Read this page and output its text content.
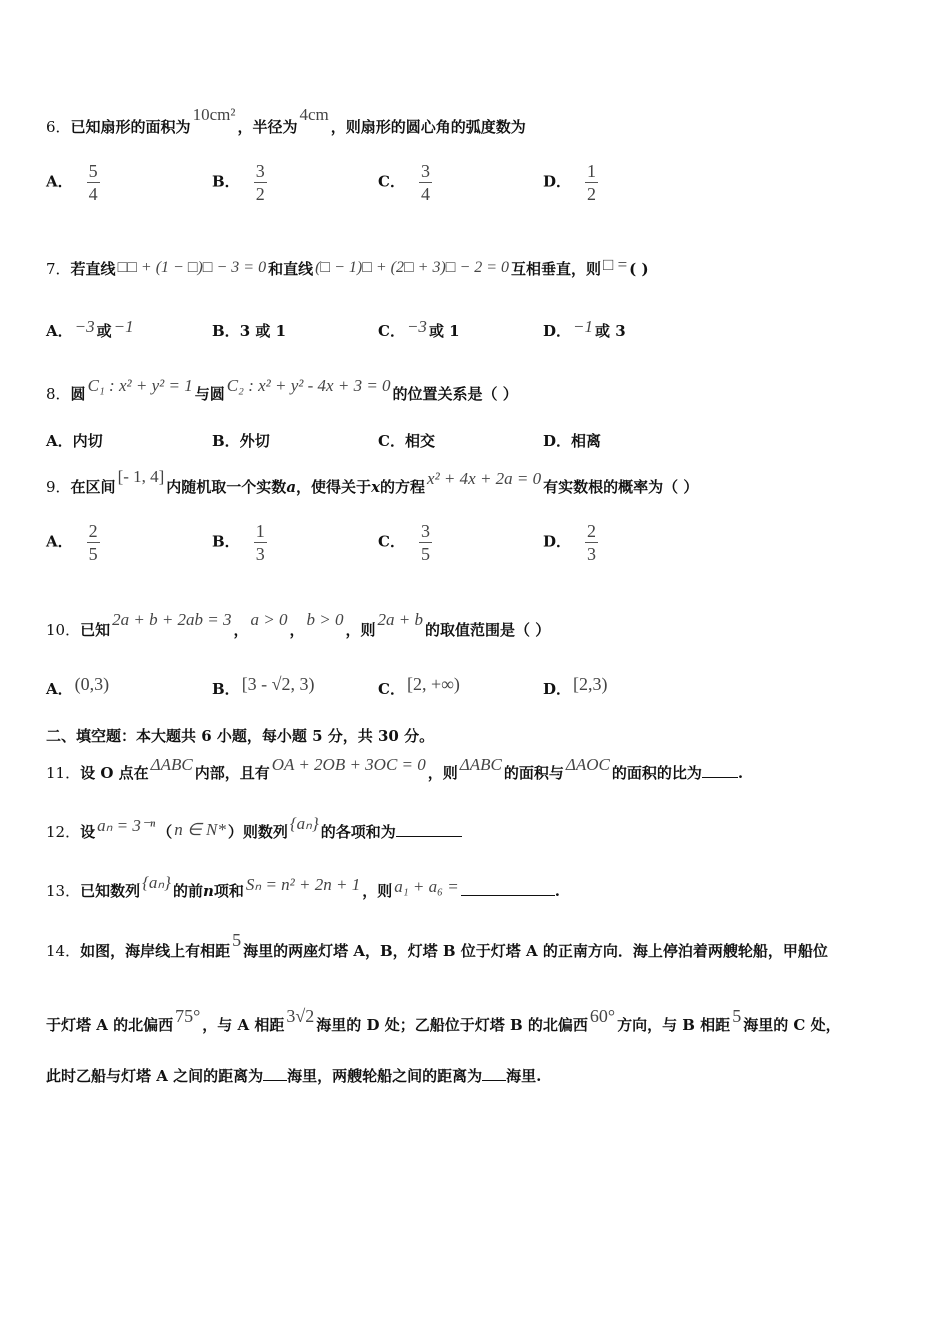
6．已知扇形的面积为10cm²，半径为4cm，则扇形的圆心角的弧度数为
A． $\frac{5}{4}$	B． $\frac{3}{2}$	C． $\frac{3}{4}$	D． $\frac{1}{2}$
7．若直线 □□ + (1 − □)□ − 3 = 0 和直线 (□ − 1)□ + (2□ + 3)□ − 2 = 0 互相垂直，则 □ = ( )
A． −3 或 −1	B．3 或 1	C． −3 或 1	D． −1 或 3
8．圆 C₁ : x² + y² = 1 与圆 C₂ : x² + y² - 4x + 3 = 0 的位置关系是（ ）
A．内切	B．外切	C．相交	D．相离
9．在区间[- 1, 4]内随机取一个实数a，使得关于x的方程 x² + 4x + 2a = 0 有实数根的概率为（ ）
A． $\frac{2}{5}$	B． $\frac{1}{3}$	C． $\frac{3}{5}$	D． $\frac{2}{3}$
10．已知2a + b + 2ab = 3，a > 0，b > 0，则2a + b的取值范围是（ ）
A． (0,3)	B． [3 - √2, 3)	C． [2, +∞)	D． [2,3)
二、填空题：本大题共 6 小题，每小题 5 分，共 30 分。
11．设 O 点在 ΔABC 内部，且有 OA + 2OB + 3OC = 0 ，则 ΔABC 的面积与 ΔAOC 的面积的比为 .
12．设 aₙ = 3⁻ⁿ （ n ∈ N* ）则数列 {aₙ} 的各项和为
13．已知数列 {aₙ} 的前n项和 Sₙ = n² + 2n + 1 ，则 a₁ + a₆ =	.
14．如图，海岸线上有相距5海里的两座灯塔 A，B，灯塔 B 位于灯塔 A 的正南方向．海上停泊着两艘轮船，甲船位
于灯塔 A 的北偏西 75° ，与 A 相距 3√2 海里的 D 处；乙船位于灯塔 B 的北偏西 60° 方向，与 B 相距 5 海里的 C 处，
此时乙船与灯塔 A 之间的距离为 海里，两艘轮船之间的距离为 海里.
